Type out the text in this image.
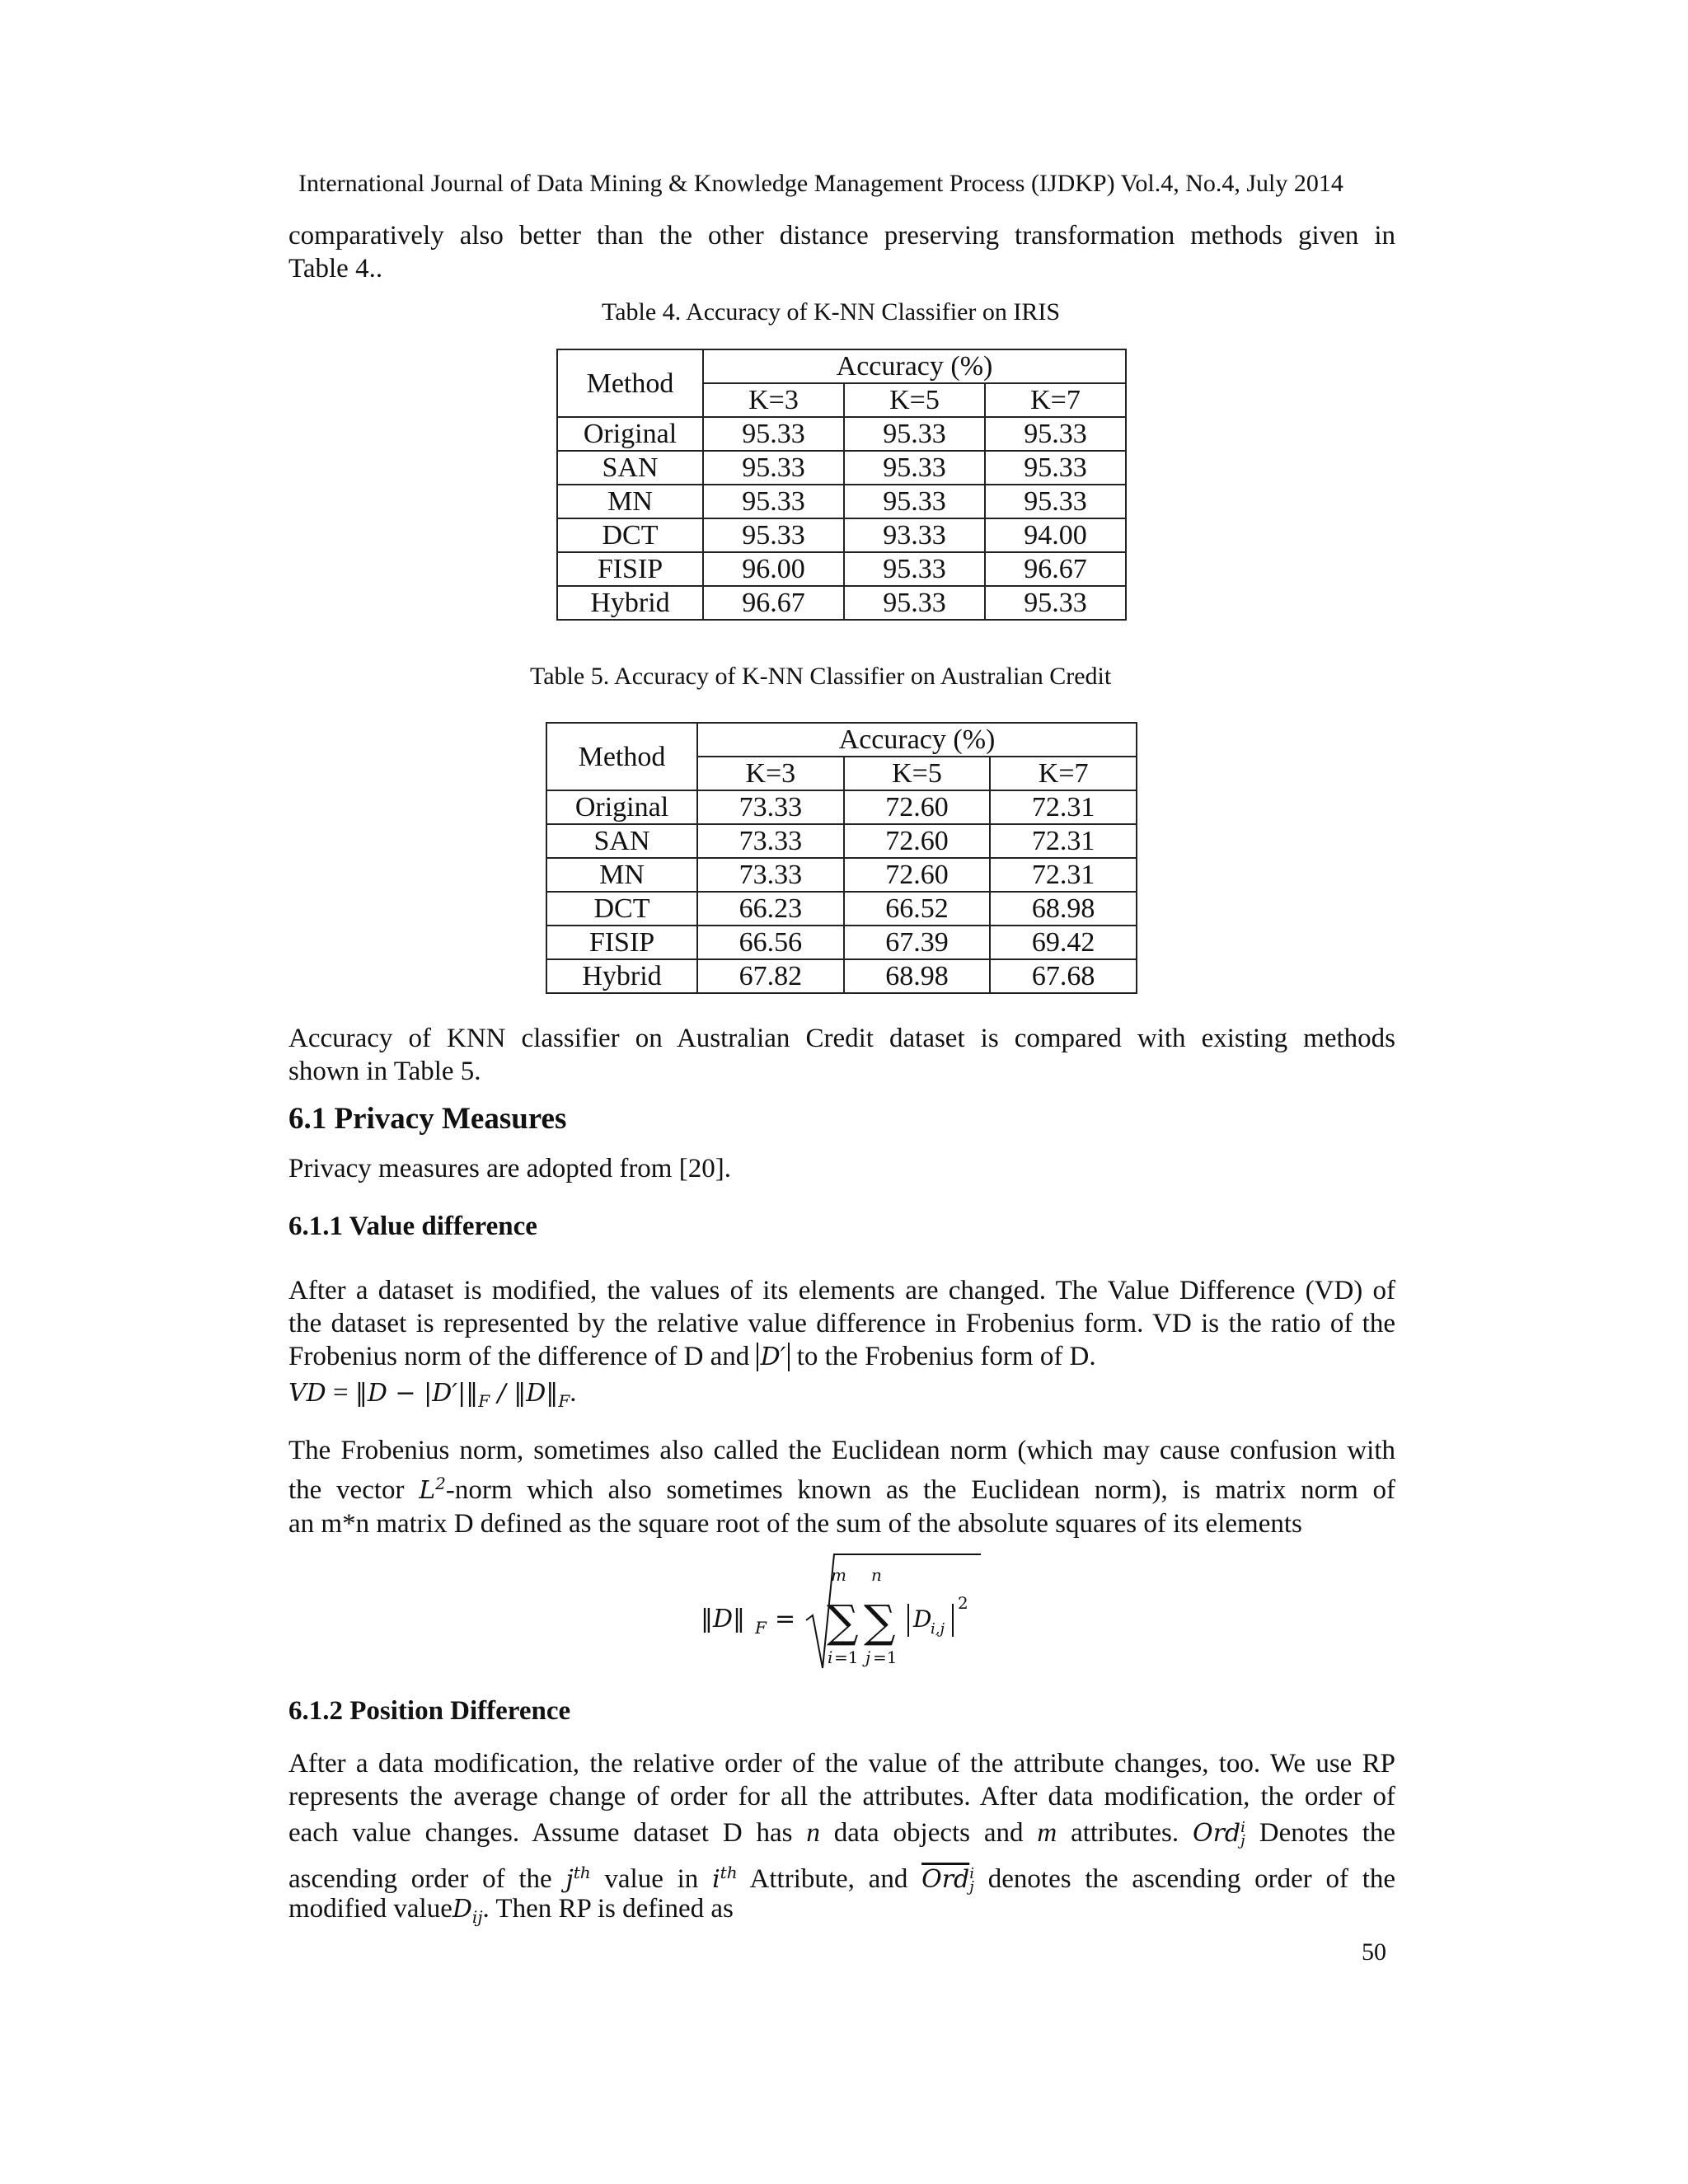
International Journal of Data Mining & Knowledge Management Process (IJDKP) Vol.4, No.4, July 2014

comparatively also better than the other distance preserving transformation methods given in

Table 4..

Table 4. Accuracy of K-NN Classifier on IRIS
Method	Accuracy (%)		
	K=3	K=5	K=7
Original	95.33	95.33	95.33
SAN	95.33	95.33	95.33
MN	95.33	95.33	95.33
DCT	95.33	93.33	94.00
FISIP	96.00	95.33	96.67
Hybrid	96.67	95.33	95.33
Table 5. Accuracy of K-NN Classifier on Australian Credit
Method	Accuracy (%)		
	K=3	K=5	K=7
Original	73.33	72.60	72.31
SAN	73.33	72.60	72.31
MN	73.33	72.60	72.31
DCT	66.23	66.52	68.98
FISIP	66.56	67.39	69.42
Hybrid	67.82	68.98	67.68

Accuracy of KNN classifier on Australian Credit dataset is compared with existing methods

shown in Table 5.

6.1 Privacy Measures
Privacy measures are adopted from [20].
6.1.1 Value difference

After a dataset is modified, the values of its elements are changed. The Value Difference (VD) of

the dataset is represented by the relative value difference in Frobenius form. VD is the ratio of the

Frobenius norm of the difference of D and D′ to the Frobenius form of D.

VD = ‖D − $|D'|‖_F$ / $‖D‖_F$.

The Frobenius norm, sometimes also called the Euclidean norm (which may cause confusion with

the vector $L^2$-norm which also sometimes known as the Euclidean norm), is matrix norm of

an m*n matrix D defined as the square root of the sum of the absolute squares of its elements

‖D‖ F =
m n
∑ ∑
i =1 j =1
D
i,j
2
6.1.2 Position Difference

After a data modification, the relative order of the value of the attribute changes, too. We use RP

represents the average change of order for all the attributes. After data modification, the order of

each value changes. Assume dataset D has n data objects and m attributes. Ordi
j Denotes the

ascending order of the $j^{th}$ value in $i^{th}$ Attribute, and Ordi
j denotes the ascending order of the

modified valueD$_{ij}$. Then RP is defined as

50
